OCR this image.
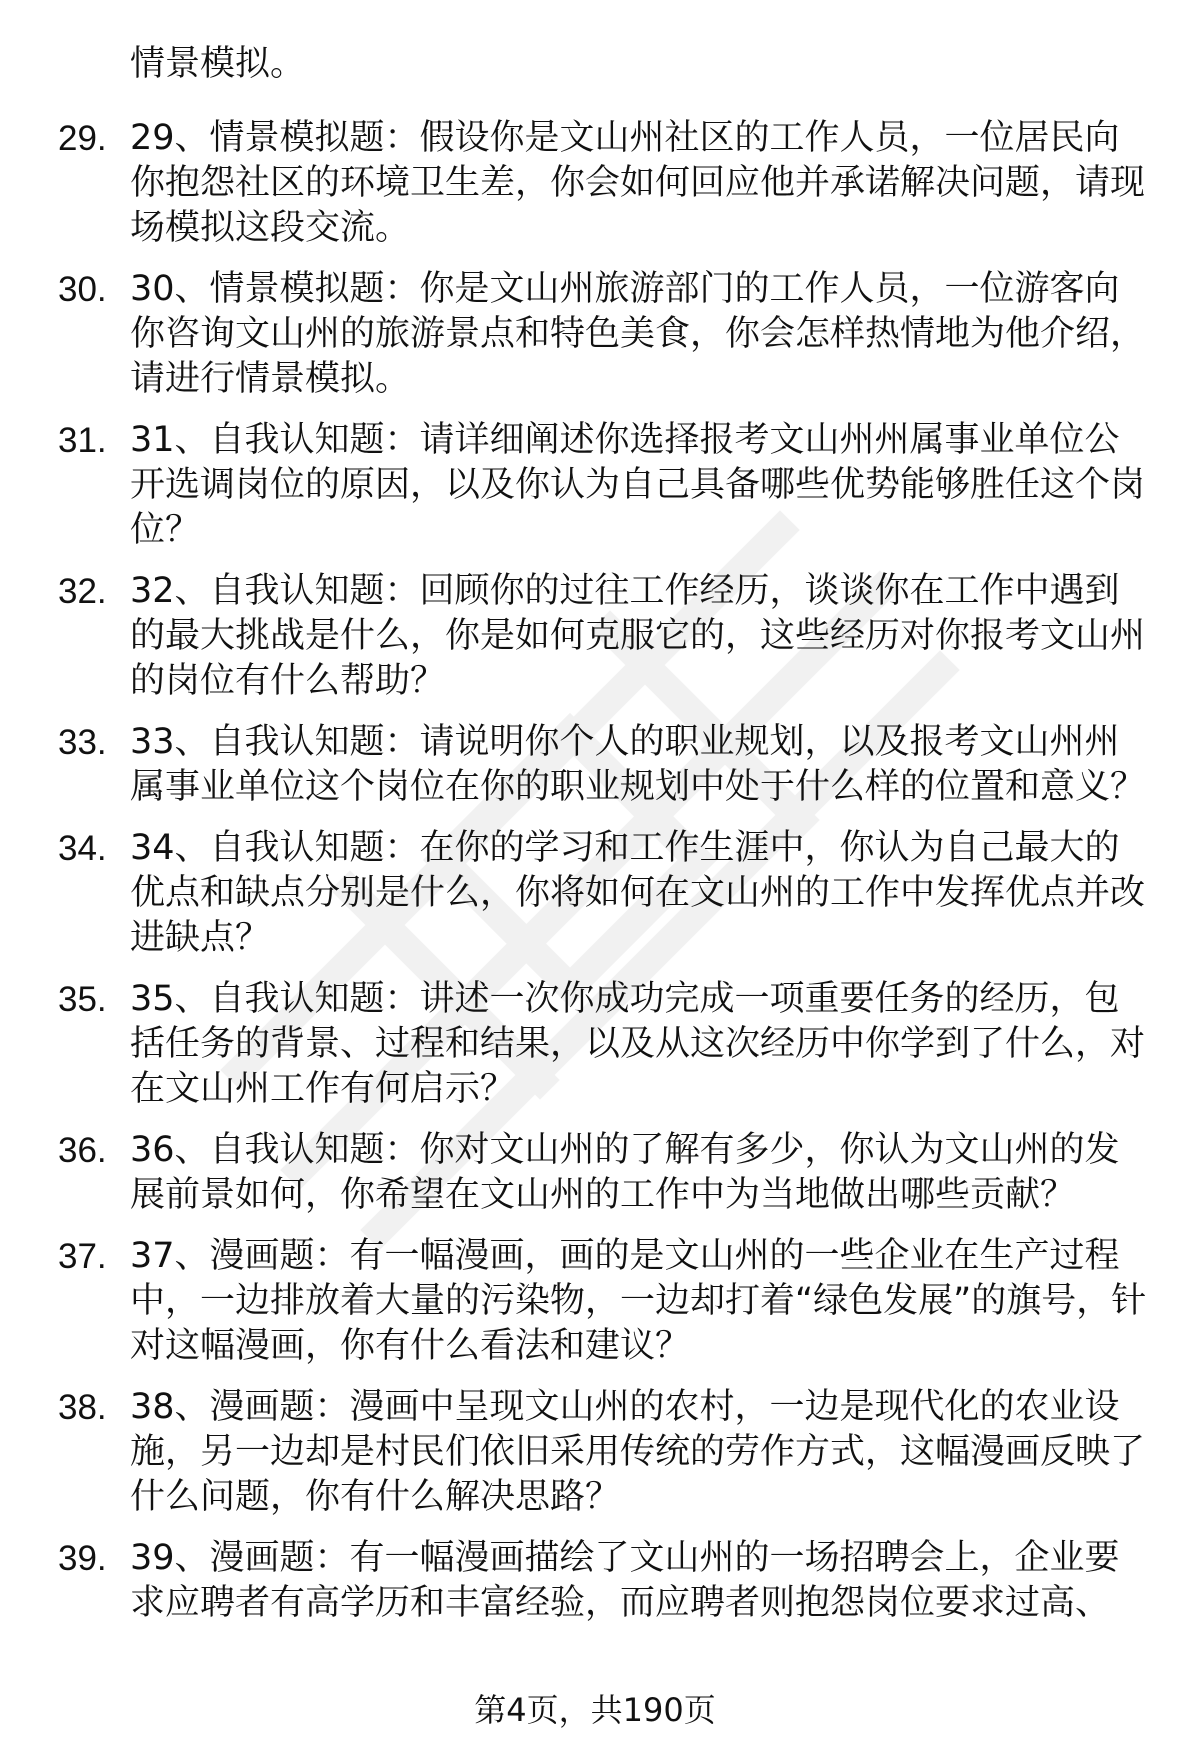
情景模拟。
29. 29、情景模拟题：假设你是文山州社区的工作人员，一位居民向你抱怨社区的环境卫生差，你会如何回应他并承诺解决问题，请现场模拟这段交流。
30. 30、情景模拟题：你是文山州旅游部门的工作人员，一位游客向你咨询文山州的旅游景点和特色美食，你会怎样热情地为他介绍，请进行情景模拟。
31. 31、自我认知题：请详细阐述你选择报考文山州州属事业单位公开选调岗位的原因，以及你认为自己具备哪些优势能够胜任这个岗位？
32. 32、自我认知题：回顾你的过往工作经历，谈谈你在工作中遇到的最大挑战是什么，你是如何克服它的，这些经历对你报考文山州的岗位有什么帮助？
33. 33、自我认知题：请说明你个人的职业规划，以及报考文山州州属事业单位这个岗位在你的职业规划中处于什么样的位置和意义？
34. 34、自我认知题：在你的学习和工作生涯中，你认为自己最大的优点和缺点分别是什么，你将如何在文山州的工作中发挥优点并改进缺点？
35. 35、自我认知题：讲述一次你成功完成一项重要任务的经历，包括任务的背景、过程和结果，以及从这次经历中你学到了什么，对在文山州工作有何启示？
36. 36、自我认知题：你对文山州的了解有多少，你认为文山州的发展前景如何，你希望在文山州的工作中为当地做出哪些贡献？
37. 37、漫画题：有一幅漫画，画的是文山州的一些企业在生产过程中，一边排放着大量的污染物，一边却打着“绿色发展”的旗号，针对这幅漫画，你有什么看法和建议？
38. 38、漫画题：漫画中呈现文山州的农村，一边是现代化的农业设施，另一边却是村民们依旧采用传统的劳作方式，这幅漫画反映了什么问题，你有什么解决思路？
39. 39、漫画题：有一幅漫画描绘了文山州的一场招聘会上，企业要求应聘者有高学历和丰富经验，而应聘者则抱怨岗位要求过高、
第4页，共190页
